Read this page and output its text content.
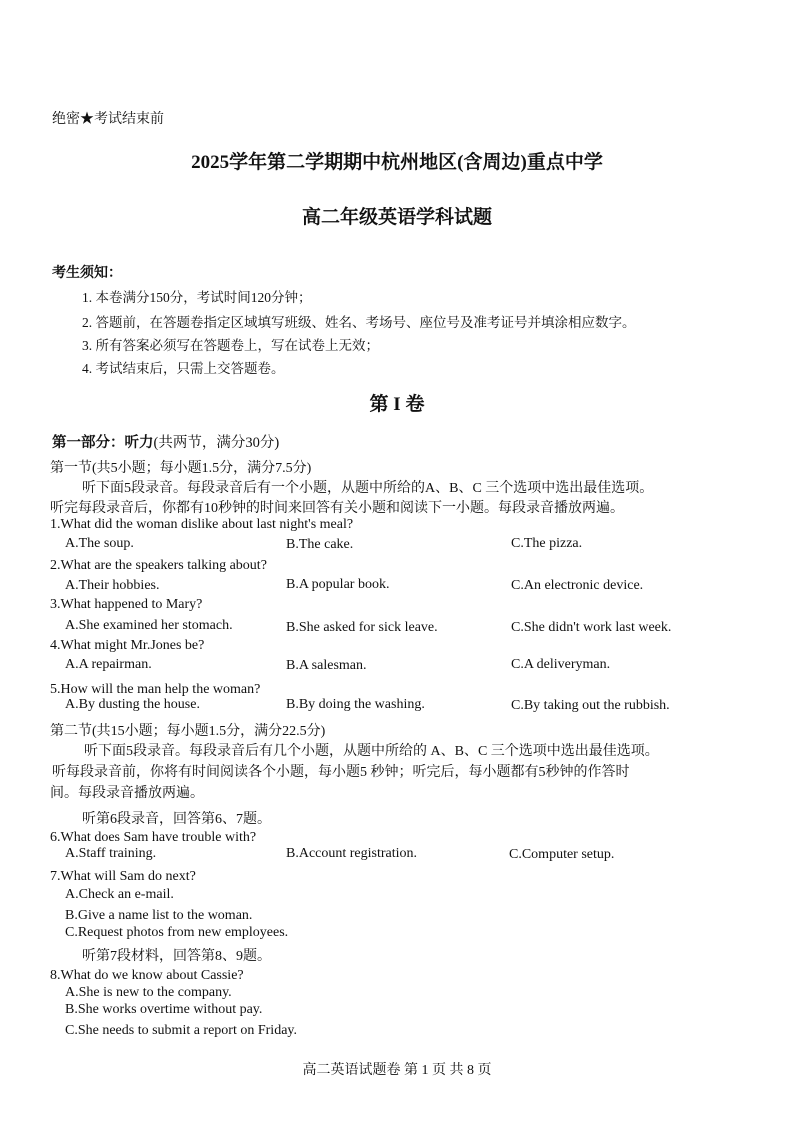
绝密★考试结束前
2025学年第二学期期中杭州地区(含周边)重点中学
高二年级英语学科试题
考生须知：
1. 本卷满分150分，考试时间120分钟；
2. 答题前，在答题卷指定区域填写班级、姓名、考场号、座位号及准考证号并填涂相应数字。
3. 所有答案必须写在答题卷上，写在试卷上无效；
4. 考试结束后，只需上交答题卷。
第 I 卷
第一部分：听力(共两节，满分30分)
第一节(共5小题；每小题1.5分，满分7.5分)
听下面5段录音。每段录音后有一个小题，从题中所给的A、B、C 三个选项中选出最佳选项。
听完每段录音后，你都有10秒钟的时间来回答有关小题和阅读下一小题。每段录音播放两遍。
1.What did the woman dislike about last night's meal?
A.The soup.	B.The cake.	C.The pizza.
2.What are the speakers talking about?
A.Their hobbies.	B.A popular book.	C.An electronic device.
3.What happened to Mary?
A.She examined her stomach.	B.She asked for sick leave.	C.She didn't work last week.
4.What might Mr.Jones be?
A.A repairman.	B.A salesman.	C.A deliveryman.
5.How will the man help the woman?
A.By dusting the house.	B.By doing the washing.	C.By taking out the rubbish.
第二节(共15小题；每小题1.5分，满分22.5分)
听下面5段录音。每段录音后有几个小题，从题中所给的 A、B、C 三个选项中选出最佳选项。
听每段录音前，你将有时间阅读各个小题，每小题5 秒钟；听完后，每小题都有5秒钟的作答时
间。每段录音播放两遍。
听第6段录音，回答第6、7题。
6.What does Sam have trouble with?
A.Staff training.	B.Account registration.	C.Computer setup.
7.What will Sam do next?
A.Check an e-mail.
B.Give a name list to the woman.
C.Request photos from new employees.
听第7段材料，回答第8、9题。
8.What do we know about Cassie?
A.She is new to the company.
B.She works overtime without pay.
C.She needs to submit a report on Friday.
高二英语试题卷 第 1 页 共 8 页
